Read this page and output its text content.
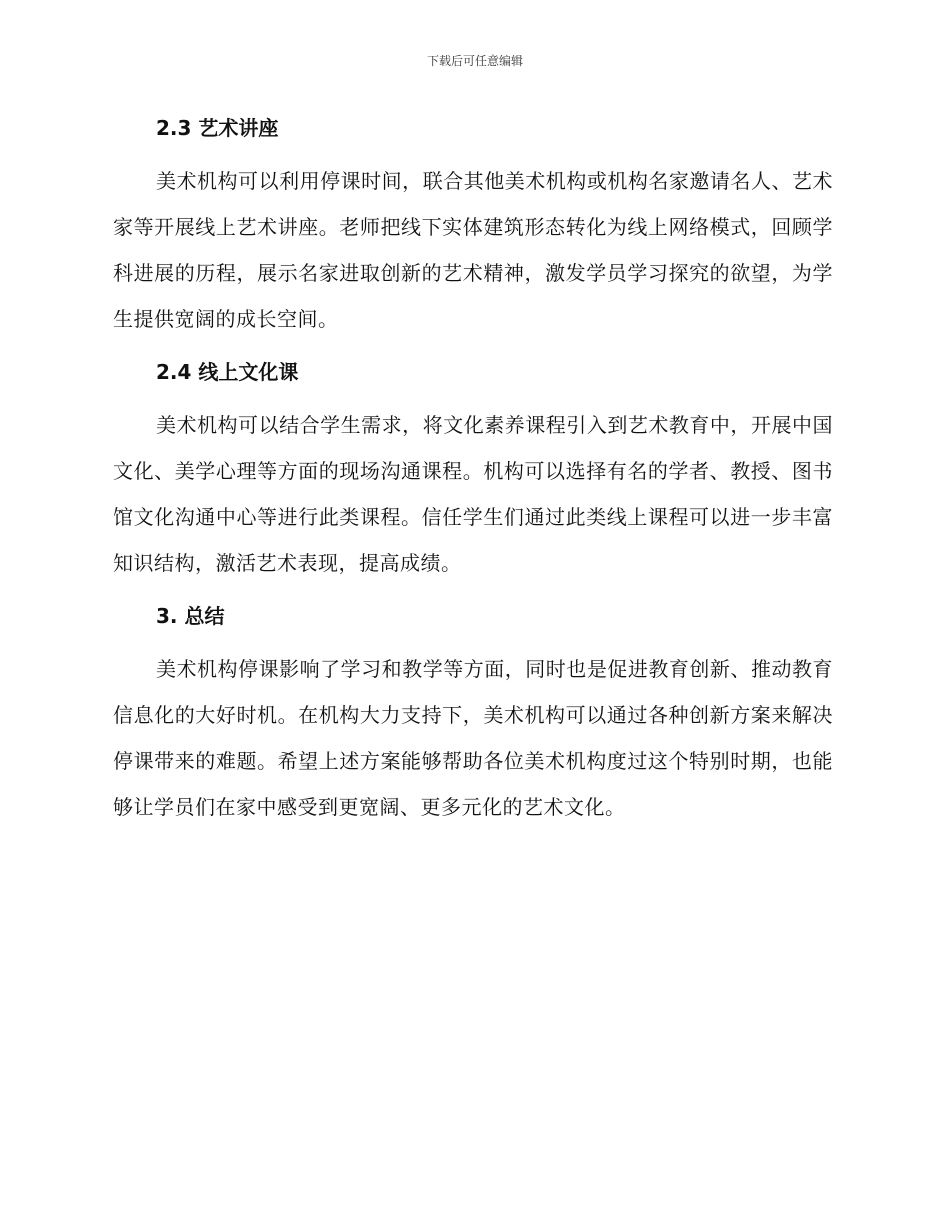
下载后可任意编辑
2.3 艺术讲座

美术机构可以利用停课时间，联合其他美术机构或机构名家邀请名人、艺术家等开展线上艺术讲座。老师把线下实体建筑形态转化为线上网络模式，回顾学科进展的历程，展示名家进取创新的艺术精神，激发学员学习探究的欲望，为学生提供宽阔的成长空间。

2.4 线上文化课

美术机构可以结合学生需求，将文化素养课程引入到艺术教育中，开展中国文化、美学心理等方面的现场沟通课程。机构可以选择有名的学者、教授、图书馆文化沟通中心等进行此类课程。信任学生们通过此类线上课程可以进一步丰富知识结构，激活艺术表现，提高成绩。

3. 总结

美术机构停课影响了学习和教学等方面，同时也是促进教育创新、推动教育信息化的大好时机。在机构大力支持下，美术机构可以通过各种创新方案来解决停课带来的难题。希望上述方案能够帮助各位美术机构度过这个特别时期，也能够让学员们在家中感受到更宽阔、更多元化的艺术文化。
